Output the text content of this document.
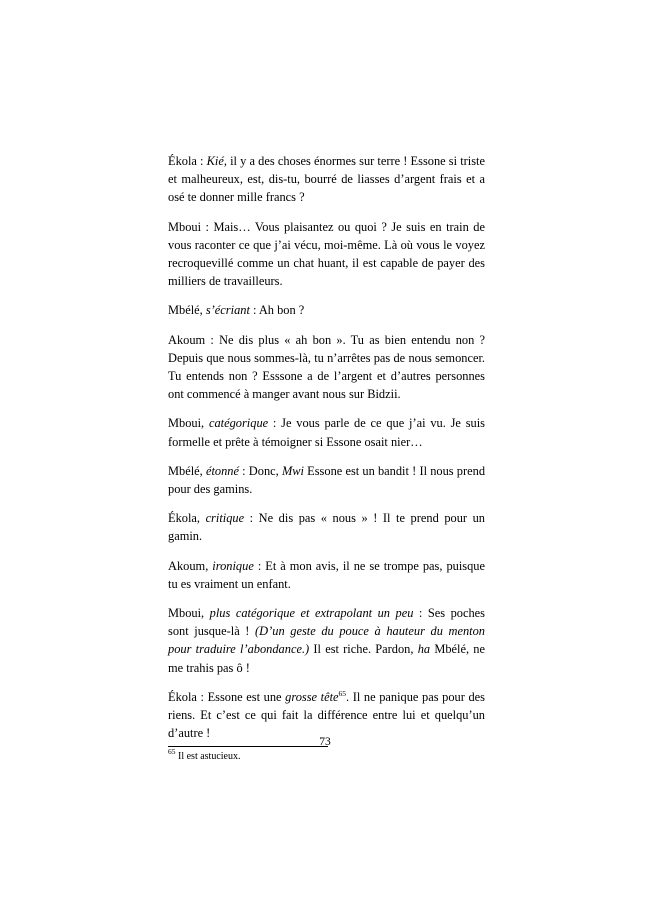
Ékola : Kié, il y a des choses énormes sur terre ! Essone si triste et malheureux, est, dis-tu, bourré de liasses d’argent frais et a osé te donner mille francs ?

Mboui : Mais… Vous plaisantez ou quoi ? Je suis en train de vous raconter ce que j’ai vécu, moi-même. Là où vous le voyez recroquevillé comme un chat huant, il est capable de payer des milliers de travailleurs.

Mbélé, s’écriant : Ah bon ?

Akoum : Ne dis plus « ah bon ». Tu as bien entendu non ? Depuis que nous sommes-là, tu n’arrêtes pas de nous semoncer. Tu entends non ? Esssone a de l’argent et d’autres personnes ont commencé à manger avant nous sur Bidzii.

Mboui, catégorique : Je vous parle de ce que j’ai vu. Je suis formelle et prête à témoigner si Essone osait nier…

Mbélé, étonné : Donc, Mwi Essone est un bandit ! Il nous prend pour des gamins.

Ékola, critique : Ne dis pas « nous » ! Il te prend pour un gamin.

Akoum, ironique : Et à mon avis, il ne se trompe pas, puisque tu es vraiment un enfant.

Mboui, plus catégorique et extrapolant un peu : Ses poches sont jusque-là ! (D’un geste du pouce à hauteur du menton pour traduire l’abondance.) Il est riche. Pardon, ha Mbélé, ne me trahis pas ô !

Ékola : Essone est une grosse tête$^{65}$. Il ne panique pas pour des riens. Et c’est ce qui fait la différence entre lui et quelqu’un d’autre !

$^{65}$ Il est astucieux.
73
